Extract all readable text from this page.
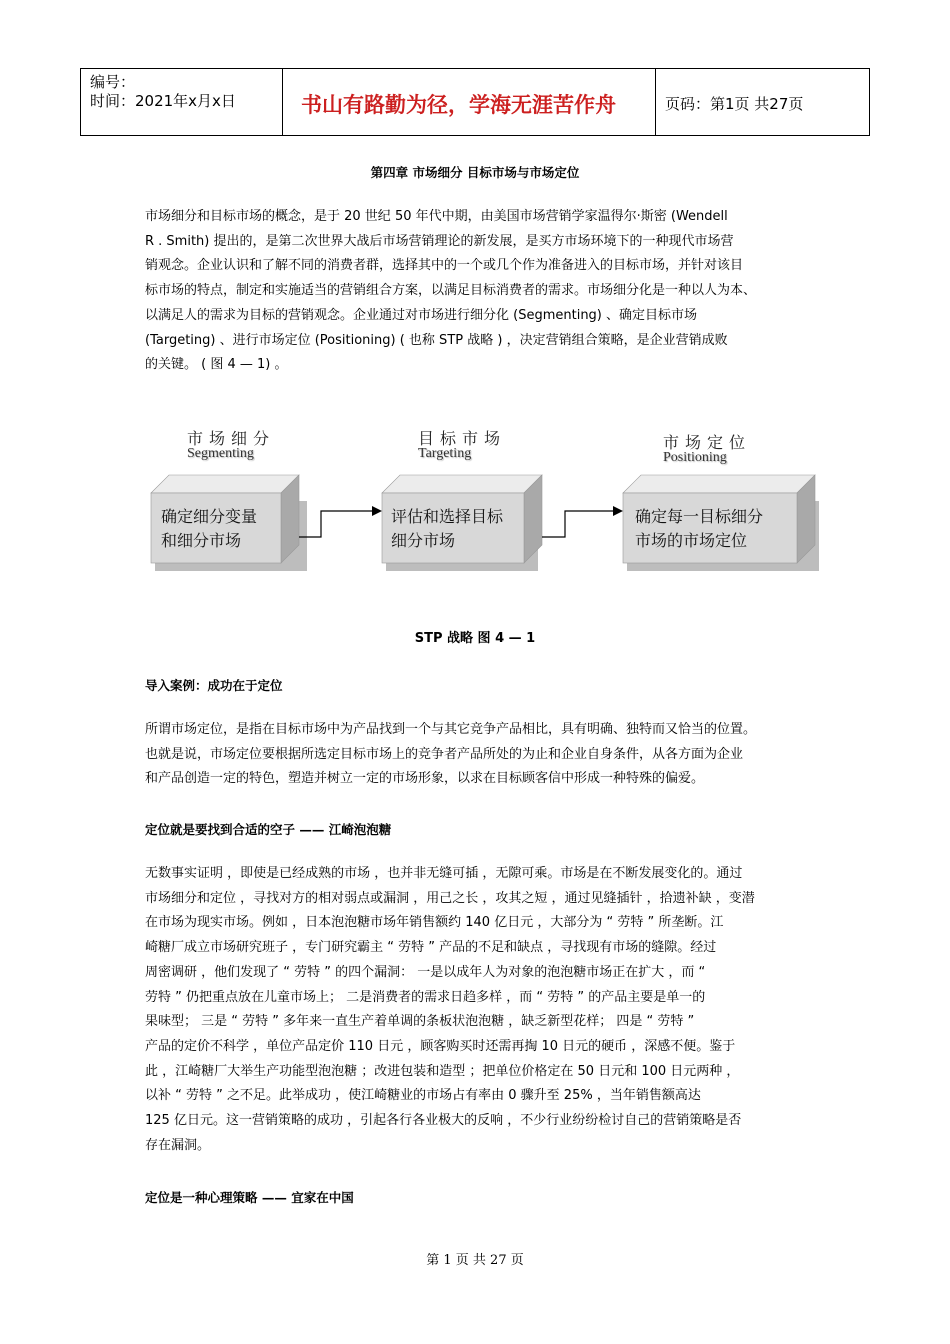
编号：
时间：2021年x月x日	书山有路勤为径，学海无涯苦作舟	页码：第1页 共27页
第四章 市场细分 目标市场与市场定位
市场细分和目标市场的概念，是于 20 世纪 50 年代中期，由美国市场营销学家温得尔·斯密 (Wendell
R . Smith) 提出的，是第二次世界大战后市场营销理论的新发展，是买方市场环境下的一种现代市场营
销观念。企业认识和了解不同的消费者群，选择其中的一个或几个作为准备进入的目标市场，并针对该目
标市场的特点，制定和实施适当的营销组合方案，以满足目标消费者的需求。市场细分化是一种以人为本、
以满足人的需求为目标的营销观念。企业通过对市场进行细分化 (Segmenting) 、确定目标市场
(Targeting) 、进行市场定位 (Positioning) ( 也称 STP 战略 ) ，决定营销组合策略，是企业营销成败
的关键。 ( 图 4 — 1) 。
市场细分
Segmenting
确定细分变量
和细分市场
目标市场
Targeting
评估和选择目标
细分市场
市场定位
Positioning
确定每一目标细分
市场的市场定位
STP 战略 图 4 — 1
导入案例：成功在于定位
所谓市场定位，是指在目标市场中为产品找到一个与其它竞争产品相比，具有明确、独特而又恰当的位置。
也就是说，市场定位要根据所选定目标市场上的竞争者产品所处的为止和企业自身条件，从各方面为企业
和产品创造一定的特色，塑造并树立一定的市场形象，以求在目标顾客信中形成一种特殊的偏爱。
定位就是要找到合适的空子 —— 江崎泡泡糖
无数事实证明 ，即使是已经成熟的市场 ，也并非无缝可插 ，无隙可乘。市场是在不断发展变化的。通过
市场细分和定位 ，寻找对方的相对弱点或漏洞 ，用己之长 ，攻其之短 ，通过见缝插针 ，拾遗补缺 ，变潜
在市场为现实市场。例如 ，日本泡泡糖市场年销售额约 140 亿日元 ，大部分为 “ 劳特 ” 所垄断。江
崎糖厂成立市场研究班子 ，专门研究霸主 “ 劳特 ” 产品的不足和缺点 ，寻找现有市场的缝隙。经过
周密调研 ，他们发现了 “ 劳特 ” 的四个漏洞： 一是以成年人为对象的泡泡糖市场正在扩大 ，而 “
劳特 ” 仍把重点放在儿童市场上； 二是消费者的需求日趋多样 ，而 “ 劳特 ” 的产品主要是单一的
果味型； 三是 “ 劳特 ” 多年来一直生产着单调的条板状泡泡糖 ，缺乏新型花样； 四是 “ 劳特 ”
产品的定价不科学 ，单位产品定价 110 日元 ，顾客购买时还需再掏 10 日元的硬币 ，深感不便。鉴于
此 ，江崎糖厂大举生产功能型泡泡糖 ；改进包装和造型 ；把单位价格定在 50 日元和 100 日元两种 ，
以补 “ 劳特 ” 之不足。此举成功 ，使江崎糖业的市场占有率由 0 骤升至 25% ，当年销售额高达
125 亿日元。这一营销策略的成功 ，引起各行各业极大的反响 ，不少行业纷纷检讨自己的营销策略是否
存在漏洞。
定位是一种心理策略 —— 宜家在中国
第 1 页 共 27 页
